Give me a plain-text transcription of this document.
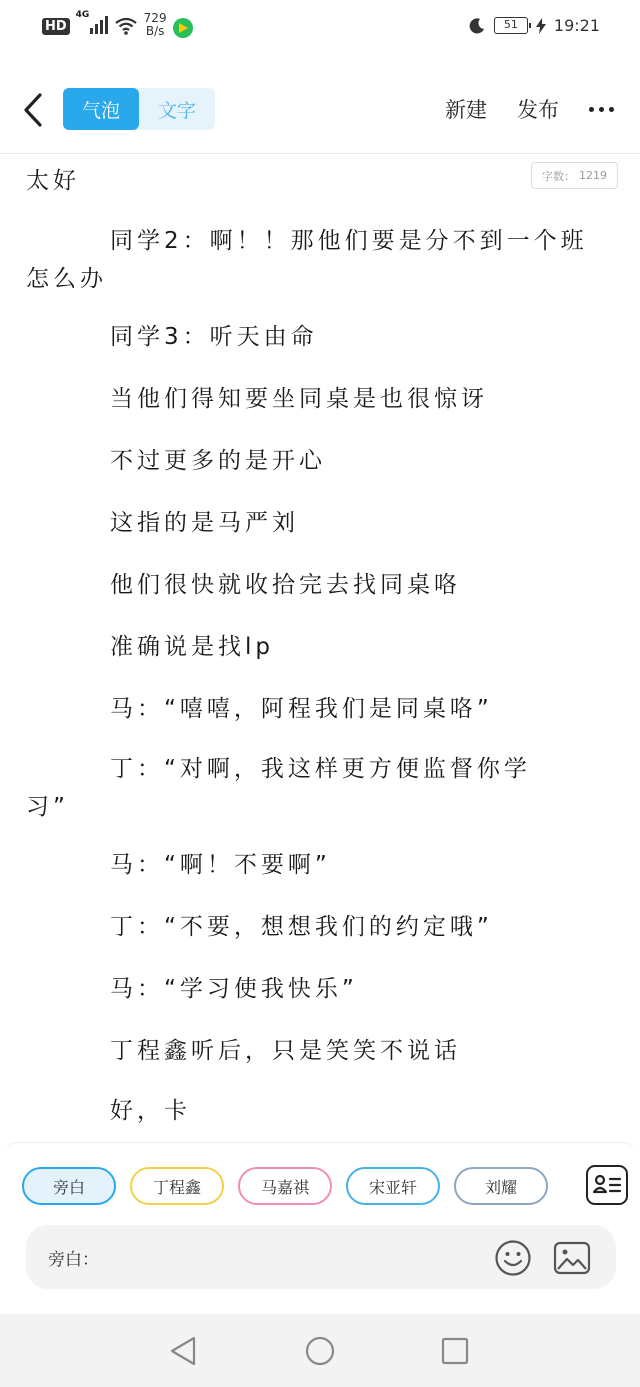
HD
4G	729
B/s	51	19:21
气泡	文字	新建 发布
太好
同学2：啊！！那他们要是分不到一个班
怎么办
同学3：听天由命
当他们得知要坐同桌是也很惊讶
不过更多的是开心
这指的是马严刘
他们很快就收拾完去找同桌咯
准确说是找lp
马：“嘻嘻，阿程我们是同桌咯”
丁：“对啊，我这样更方便监督你学
习”
马：“啊！不要啊”
丁：“不要，想想我们的约定哦”
马：“学习使我快乐”
丁程鑫听后，只是笑笑不说话
好，卡
字数： 1219
旁白	丁程鑫	马嘉祺	宋亚轩	刘耀
旁白：
